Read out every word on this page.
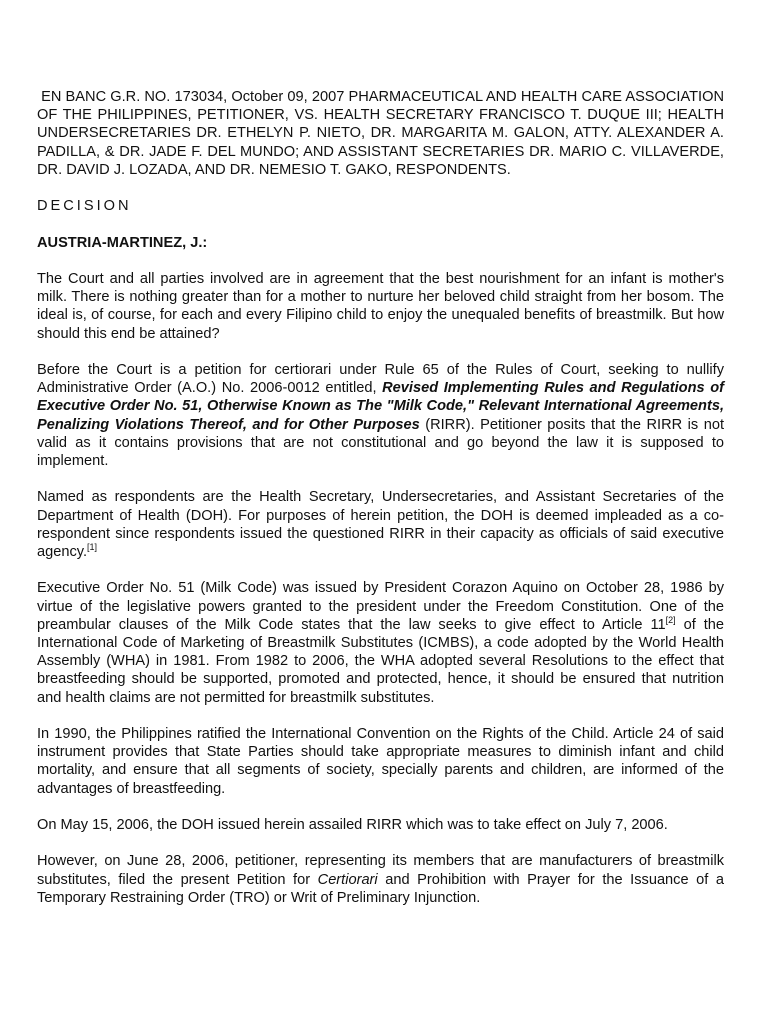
EN BANC G.R. NO. 173034, October 09, 2007 PHARMACEUTICAL AND HEALTH CARE ASSOCIATION OF THE PHILIPPINES, PETITIONER, VS. HEALTH SECRETARY FRANCISCO T. DUQUE III; HEALTH UNDERSECRETARIES DR. ETHELYN P. NIETO, DR. MARGARITA M. GALON, ATTY. ALEXANDER A. PADILLA, & DR. JADE F. DEL MUNDO; AND ASSISTANT SECRETARIES DR. MARIO C. VILLAVERDE, DR. DAVID J. LOZADA, AND DR. NEMESIO T. GAKO, RESPONDENTS.

DECISION

AUSTRIA-MARTINEZ, J.:

The Court and all parties involved are in agreement that the best nourishment for an infant is mother's milk. There is nothing greater than for a mother to nurture her beloved child straight from her bosom. The ideal is, of course, for each and every Filipino child to enjoy the unequaled benefits of breastmilk. But how should this end be attained?

Before the Court is a petition for certiorari under Rule 65 of the Rules of Court, seeking to nullify Administrative Order (A.O.) No. 2006-0012 entitled, Revised Implementing Rules and Regulations of Executive Order No. 51, Otherwise Known as The "Milk Code," Relevant International Agreements, Penalizing Violations Thereof, and for Other Purposes (RIRR). Petitioner posits that the RIRR is not valid as it contains provisions that are not constitutional and go beyond the law it is supposed to implement.

Named as respondents are the Health Secretary, Undersecretaries, and Assistant Secretaries of the Department of Health (DOH). For purposes of herein petition, the DOH is deemed impleaded as a co-respondent since respondents issued the questioned RIRR in their capacity as officials of said executive agency.[1]

Executive Order No. 51 (Milk Code) was issued by President Corazon Aquino on October 28, 1986 by virtue of the legislative powers granted to the president under the Freedom Constitution. One of the preambular clauses of the Milk Code states that the law seeks to give effect to Article 11[2] of the International Code of Marketing of Breastmilk Substitutes (ICMBS), a code adopted by the World Health Assembly (WHA) in 1981. From 1982 to 2006, the WHA adopted several Resolutions to the effect that breastfeeding should be supported, promoted and protected, hence, it should be ensured that nutrition and health claims are not permitted for breastmilk substitutes.

In 1990, the Philippines ratified the International Convention on the Rights of the Child. Article 24 of said instrument provides that State Parties should take appropriate measures to diminish infant and child mortality, and ensure that all segments of society, specially parents and children, are informed of the advantages of breastfeeding.

On May 15, 2006, the DOH issued herein assailed RIRR which was to take effect on July 7, 2006.

However, on June 28, 2006, petitioner, representing its members that are manufacturers of breastmilk substitutes, filed the present Petition for Certiorari and Prohibition with Prayer for the Issuance of a Temporary Restraining Order (TRO) or Writ of Preliminary Injunction.
